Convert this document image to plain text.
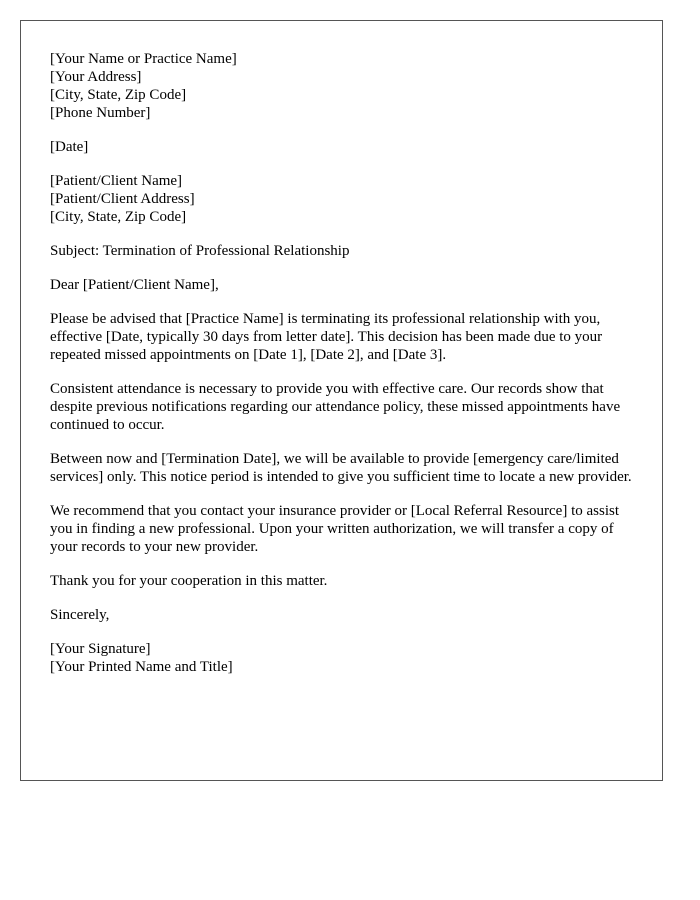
[Your Name or Practice Name]
[Your Address]
[City, State, Zip Code]
[Phone Number]

[Date]

[Patient/Client Name]
[Patient/Client Address]
[City, State, Zip Code]

Subject: Termination of Professional Relationship

Dear [Patient/Client Name],

Please be advised that [Practice Name] is terminating its professional relationship with you, effective [Date, typically 30 days from letter date]. This decision has been made due to your repeated missed appointments on [Date 1], [Date 2], and [Date 3].

Consistent attendance is necessary to provide you with effective care. Our records show that despite previous notifications regarding our attendance policy, these missed appointments have continued to occur.

Between now and [Termination Date], we will be available to provide [emergency care/limited services] only. This notice period is intended to give you sufficient time to locate a new provider.

We recommend that you contact your insurance provider or [Local Referral Resource] to assist you in finding a new professional. Upon your written authorization, we will transfer a copy of your records to your new provider.

Thank you for your cooperation in this matter.

Sincerely,

[Your Signature]
[Your Printed Name and Title]
